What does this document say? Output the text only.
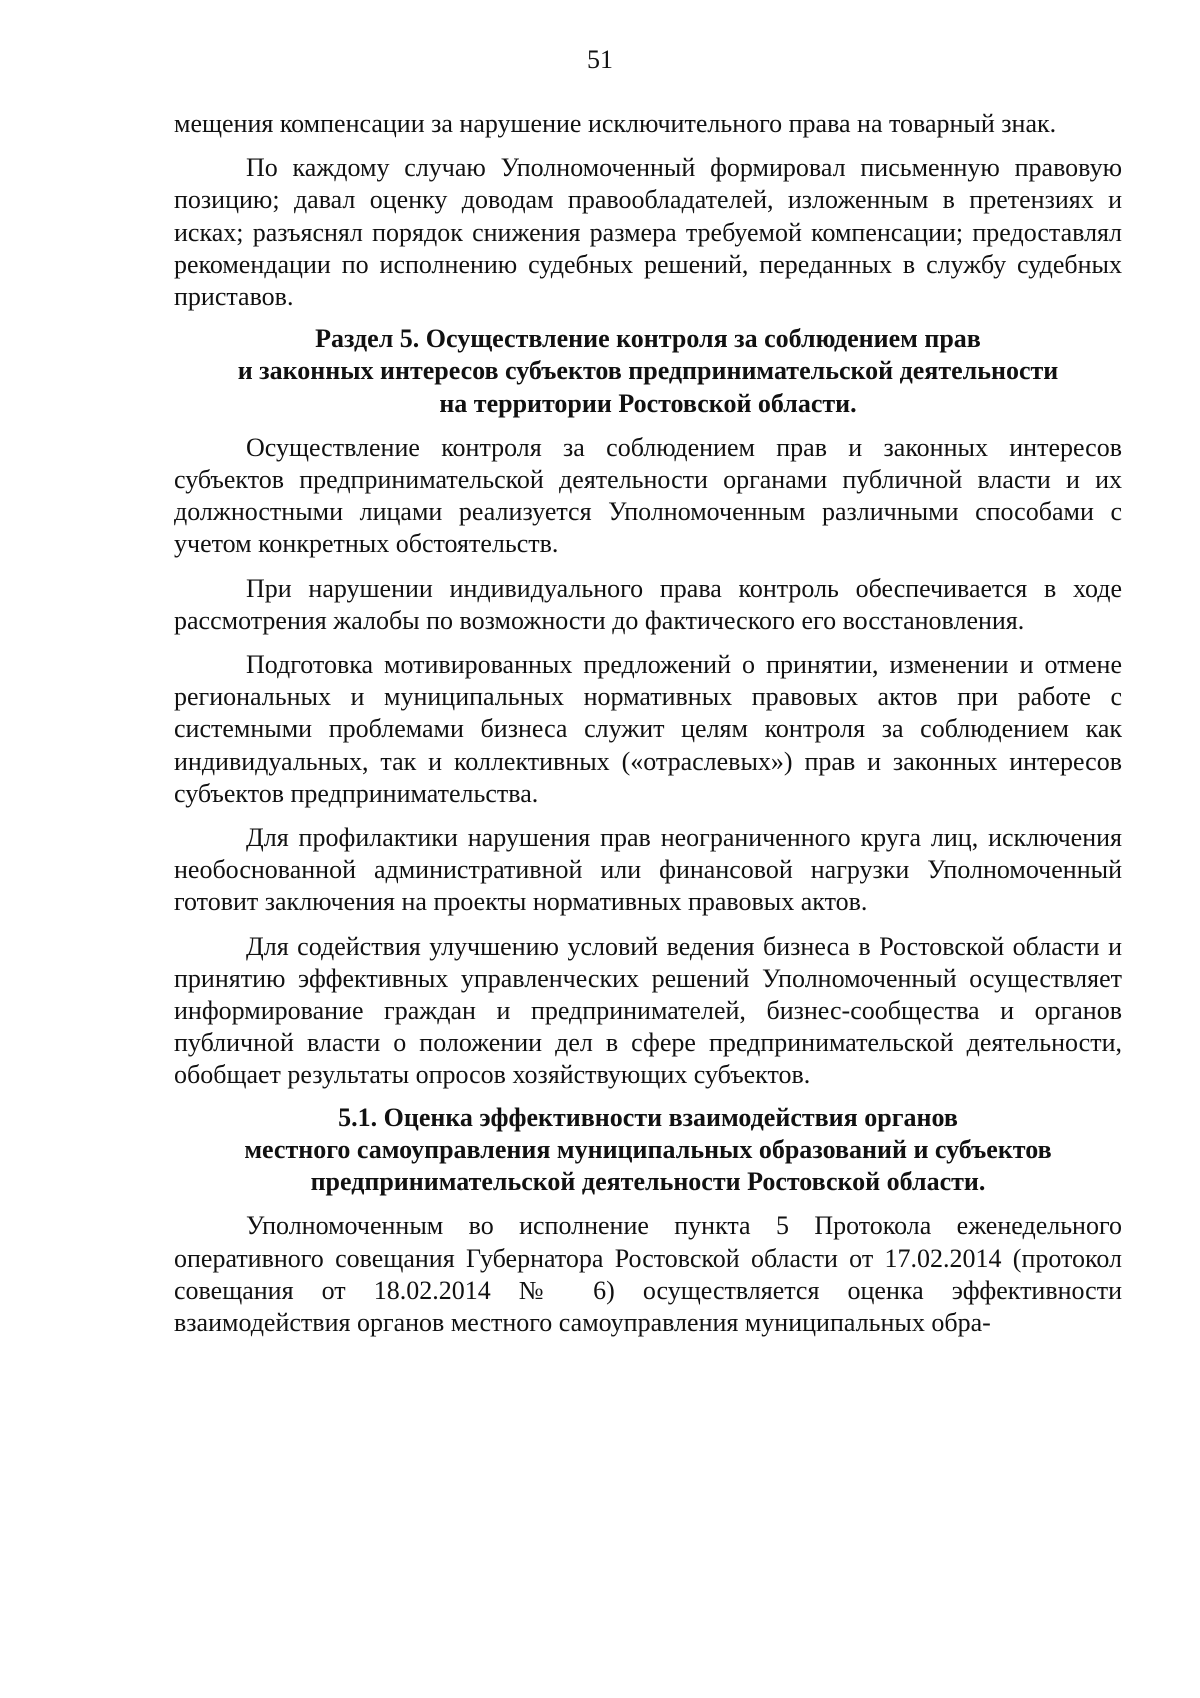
51

мещения компенсации за нарушение исключительного права на товарный знак.

По каждому случаю Уполномоченный формировал письменную правовую позицию; давал оценку доводам правообладателей, изложенным в претензиях и исках; разъяснял порядок снижения размера требуемой компенсации; предоставлял рекомендации по исполнению судебных решений, переданных в службу судебных приставов.

Раздел 5. Осуществление контроля за соблюдением прав
и законных интересов субъектов предпринимательской деятельности
на территории Ростовской области.

Осуществление контроля за соблюдением прав и законных интересов субъектов предпринимательской деятельности органами публичной власти и их должностными лицами реализуется Уполномоченным различными способами с учетом конкретных обстоятельств.

При нарушении индивидуального права контроль обеспечивается в ходе рассмотрения жалобы по возможности до фактического его восстановления.

Подготовка мотивированных предложений о принятии, изменении и отмене региональных и муниципальных нормативных правовых актов при работе с системными проблемами бизнеса служит целям контроля за соблюдением как индивидуальных, так и коллективных («отраслевых») прав и законных интересов субъектов предпринимательства.

Для профилактики нарушения прав неограниченного круга лиц, исключения необоснованной административной или финансовой нагрузки Уполномоченный готовит заключения на проекты нормативных правовых актов.

Для содействия улучшению условий ведения бизнеса в Ростовской области и принятию эффективных управленческих решений Уполномоченный осуществляет информирование граждан и предпринимателей, бизнес-сообщества и органов публичной власти о положении дел в сфере предпринимательской деятельности, обобщает результаты опросов хозяйствующих субъектов.

5.1. Оценка эффективности взаимодействия органов
местного самоуправления муниципальных образований и субъектов
предпринимательской деятельности Ростовской области.

Уполномоченным во исполнение пункта 5 Протокола еженедельного оперативного совещания Губернатора Ростовской области от 17.02.2014 (протокол совещания от 18.02.2014 № 6) осуществляется оценка эффективности взаимодействия органов местного самоуправления муниципальных обра-
